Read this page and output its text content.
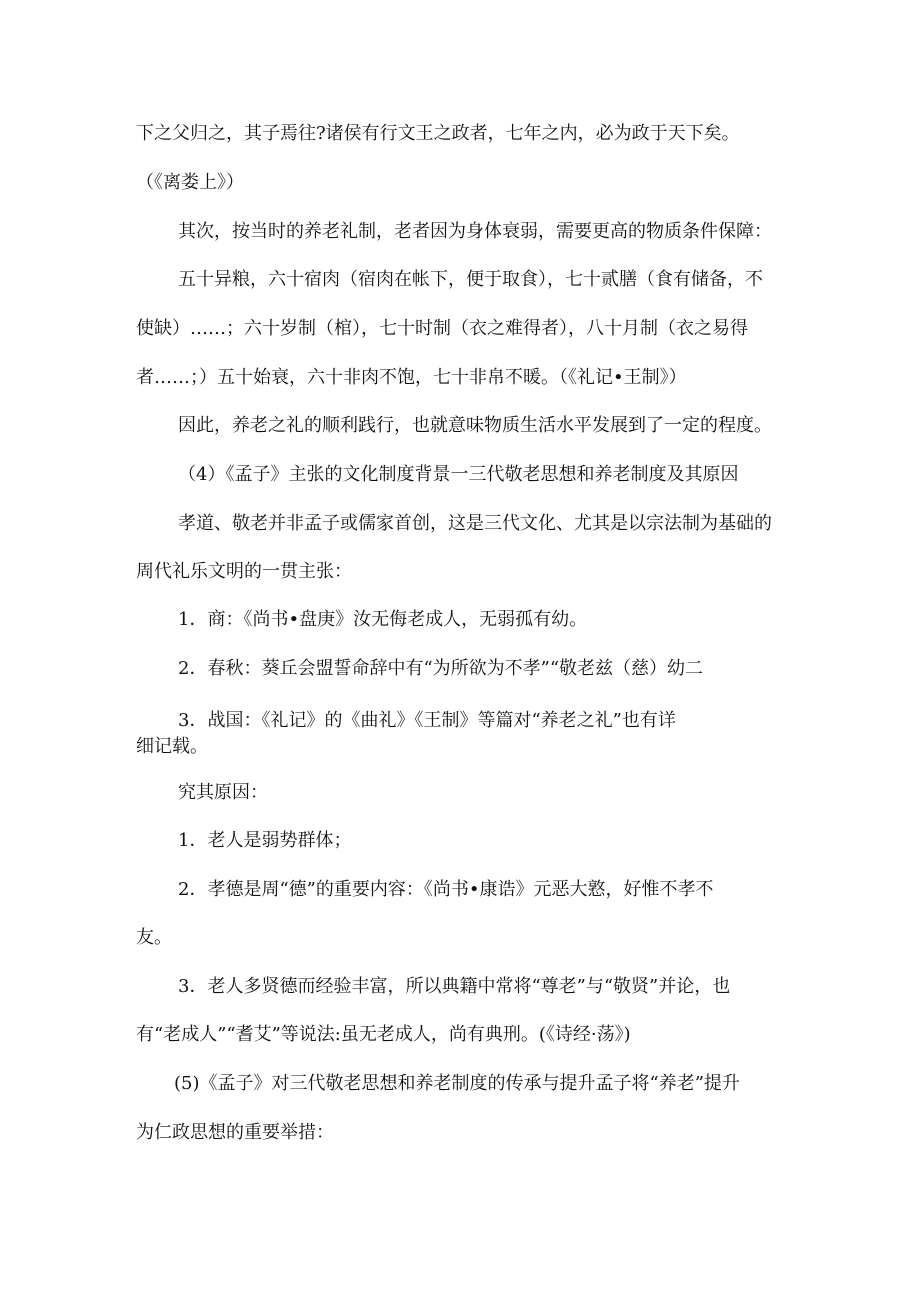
下之父归之，其子焉往?诸侯有行文王之政者，七年之内，必为政于天下矣。

（《离娄上》）

其次，按当时的养老礼制，老者因为身体衰弱，需要更高的物质条件保障：

五十异粮，六十宿肉（宿肉在帐下，便于取食），七十贰膳（食有储备，不

使缺）……；六十岁制（棺），七十时制（衣之难得者），八十月制（衣之易得

者……；）五十始衰，六十非肉不饱，七十非帛不暖。（《礼记•王制》）

因此，养老之礼的顺利践行，也就意味物质生活水平发展到了一定的程度。

（4）《孟子》主张的文化制度背景一三代敬老思想和养老制度及其原因

孝道、敬老并非孟子或儒家首创，这是三代文化、尤其是以宗法制为基础的

周代礼乐文明的一贯主张：

1．商：《尚书•盘庚》汝无侮老成人，无弱孤有幼。

2．春秋：葵丘会盟誓命辞中有“为所欲为不孝”“敬老兹（慈）幼二

3．战国：《礼记》的《曲礼》《王制》等篇对“养老之礼”也有详

细记载。

究其原因：

1．老人是弱势群体；

2．孝德是周“德”的重要内容：《尚书•康诰》元恶大憝，好惟不孝不

友。

3．老人多贤德而经验丰富，所以典籍中常将“尊老”与“敬贤”并论，也

有“老成人”“耆艾”等说法:虽无老成人，尚有典刑。(《诗经·荡》)

(5)《孟子》对三代敬老思想和养老制度的传承与提升孟子将“养老”提升

为仁政思想的重要举措：
